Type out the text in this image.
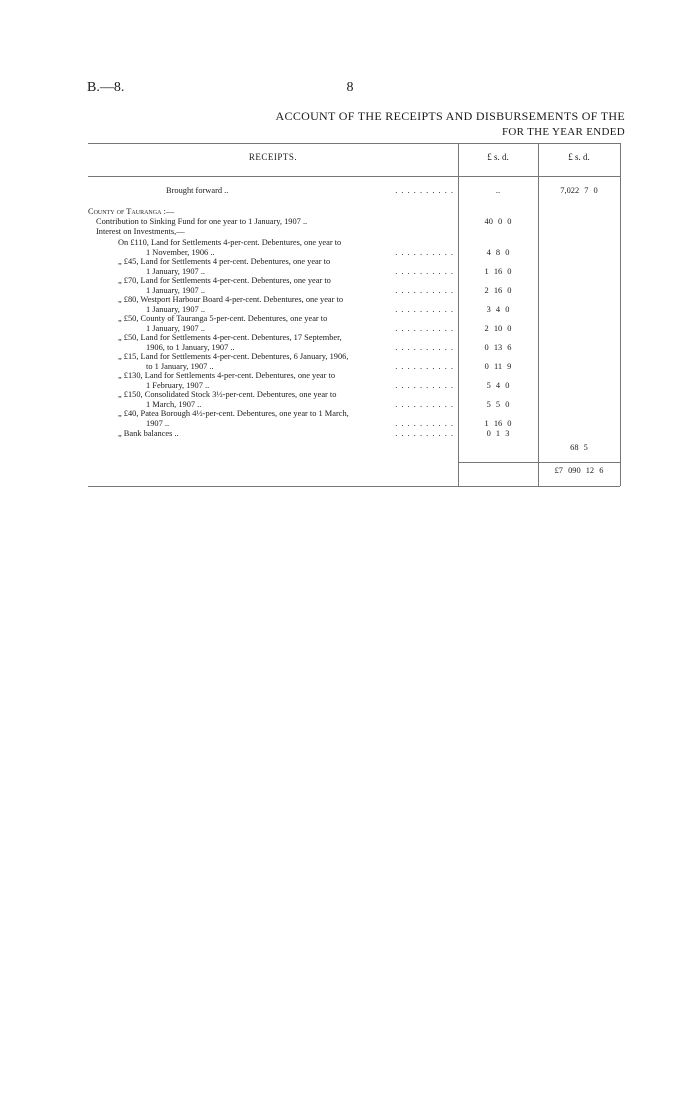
B.—8.	8
ACCOUNT OF THE RECEIPTS AND DISBURSEMENTS OF THE
FOR THE YEAR ENDED
RECEIPTS.	£ s. d.	£ s. d.
Brought forward ..	. . . . . . . . . .	..	7,022 7 0
County of Tauranga :—
Contribution to Sinking Fund for one year to 1 January, 1907 ..	40 0 0
Interest on Investments,—
On £110, Land for Settlements 4-per-cent. Debentures, one year to
1 November, 1906 ..	. . . . . . . . . .	4 8 0
„ £45, Land for Settlements 4 per-cent. Debentures, one year to
1 January, 1907 ..	. . . . . . . . . .	1 16 0
„ £70, Land for Settlements 4-per-cent. Debentures, one year to
1 January, 1907 ..	. . . . . . . . . .	2 16 0
„ £80, Westport Harbour Board 4-per-cent. Debentures, one year to
1 January, 1907 ..	. . . . . . . . . .	3 4 0
„ £50, County of Tauranga 5-per-cent. Debentures, one year to
1 January, 1907 ..	. . . . . . . . . .	2 10 0
„ £50, Land for Settlements 4-per-cent. Debentures, 17 September,
1906, to 1 January, 1907 ..	. . . . . . . . . .	0 13 6
„ £15, Land for Settlements 4-per-cent. Debentures, 6 January, 1906,
to 1 January, 1907 ..	. . . . . . . . . .	0 11 9
„ £130, Land for Settlements 4-per-cent. Debentures, one year to
1 February, 1907 ..	. . . . . . . . . .	5 4 0
„ £150, Consolidated Stock 3½-per-cent. Debentures, one year to
1 March, 1907 ..	. . . . . . . . . .	5 5 0
„ £40, Patea Borough 4½-per-cent. Debentures, one year to 1 March,
1907 ..	. . . . . . . . . .	1 16 0
„ Bank balances ..	. . . . . . . . . .	0 1 3
68 5
£7 090 12 6
